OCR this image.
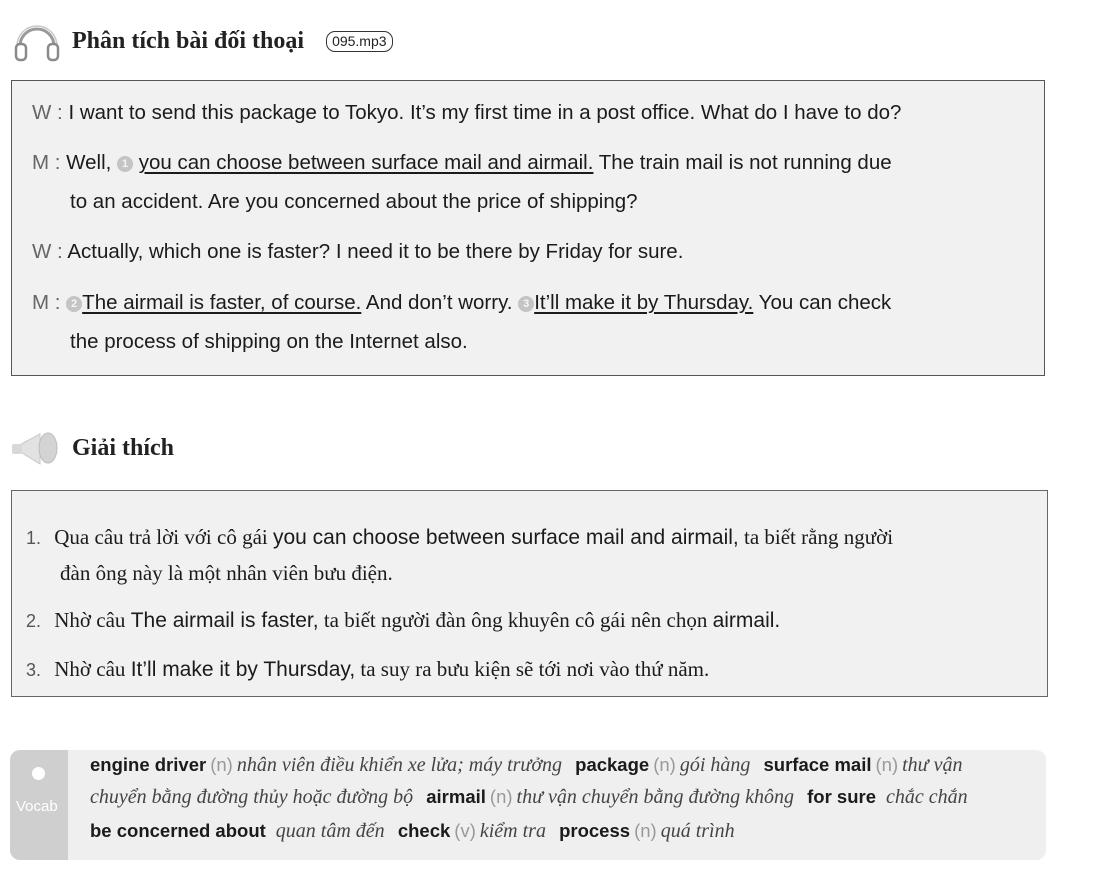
Phân tích bài đối thoại	095.mp3
W : I want to send this package to Tokyo. It’s my first time in a post office. What do I have to do?
M : Well, 1 you can choose between surface mail and airmail. The train mail is not running due
to an accident. Are you concerned about the price of shipping?
W : Actually, which one is faster? I need it to be there by Friday for sure.
M : 2 The airmail is faster, of course. And don’t worry. 3 It’ll make it by Thursday. You can check
the process of shipping on the Internet also.
Giải thích
1. Qua câu trả lời với cô gái you can choose between surface mail and airmail, ta biết rằng người
đàn ông này là một nhân viên bưu điện.
2. Nhờ câu The airmail is faster, ta biết người đàn ông khuyên cô gái nên chọn airmail.
3. Nhờ câu It’ll make it by Thursday, ta suy ra bưu kiện sẽ tới nơi vào thứ năm.
Vocab
engine driver (n) nhân viên điều khiển xe lửa; máy trưởng package (n) gói hàng surface mail (n) thư vận
chuyển bằng đường thủy hoặc đường bộ airmail (n) thư vận chuyển bằng đường không for sure chắc chắn
be concerned about quan tâm đến check (v) kiểm tra process (n) quá trình
